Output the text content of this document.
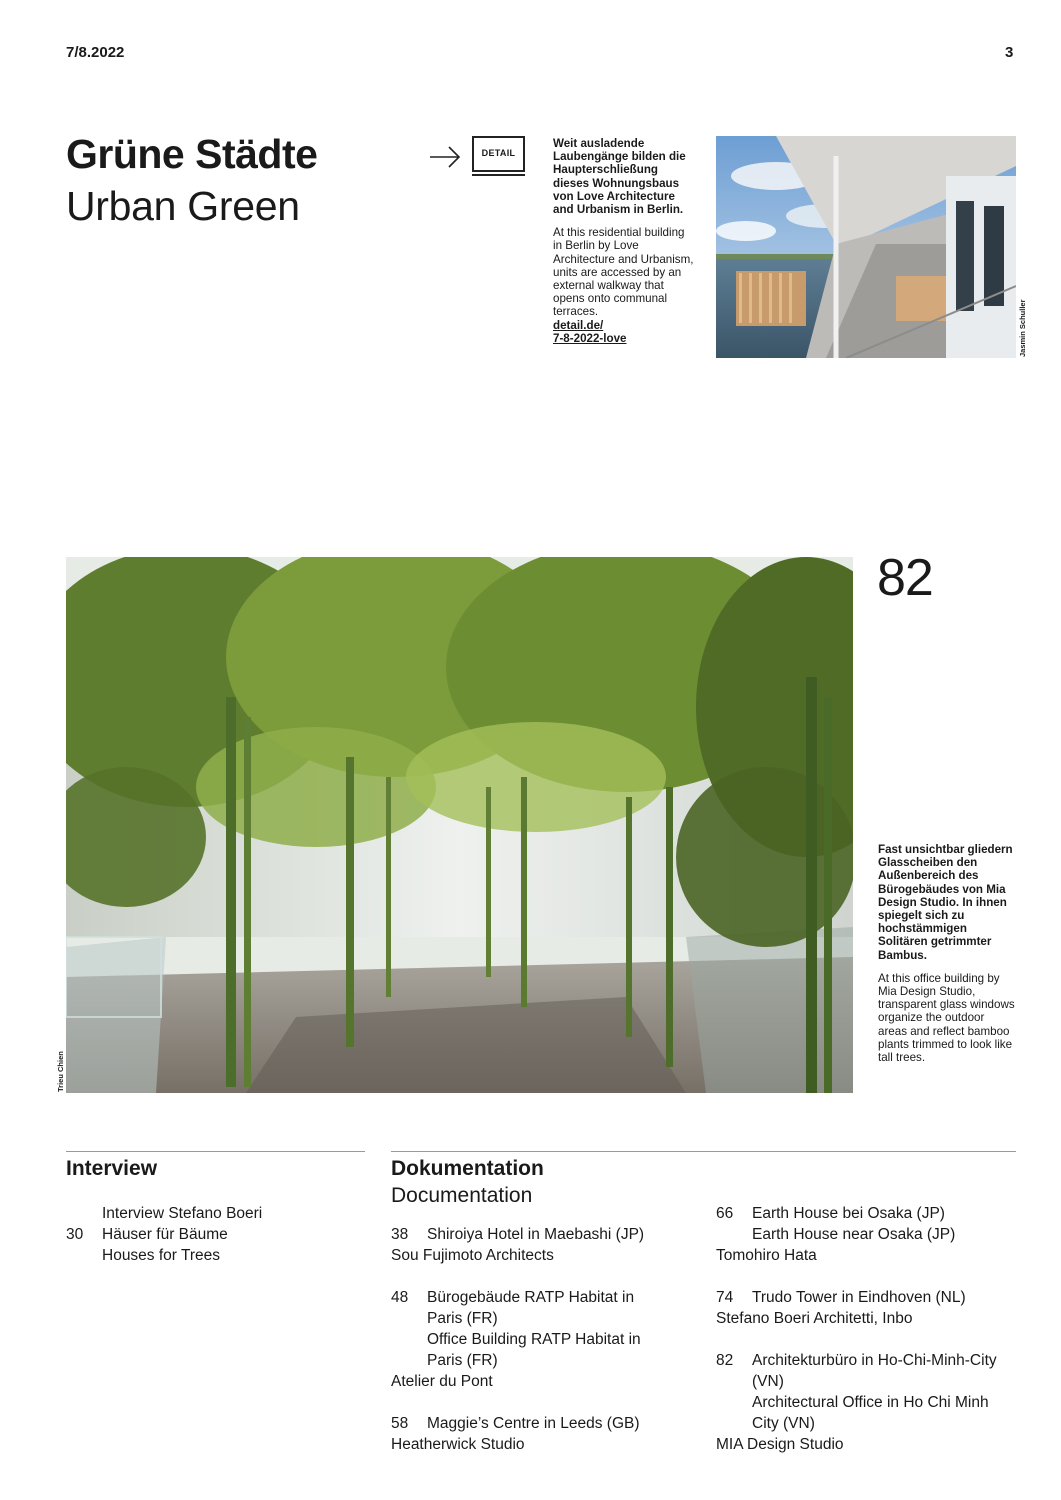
7/8.2022	3
Grüne Städte
Urban Green
DETAIL

Weit ausladende Laubengänge bilden die Haupterschließung dieses Wohnungsbaus von Love Architecture and Urbanism in Berlin.

At this residential building in Berlin by Love Architecture and Urbanism, units are accessed by an external walkway that opens onto communal terraces.

detail.de/
7-8-2022-love	Jasmin Schuller
Trieu Chien
82

Fast unsichtbar gliedern Glasscheiben den Außenbereich des Bürogebäudes von Mia Design Studio. In ihnen spiegelt sich zu hochstämmigen Solitären getrimmter Bambus.

At this office building by Mia Design Studio, transparent glass windows organize the outdoor areas and reflect bamboo plants trimmed to look like tall trees.

Interview
Interview Stefano Boeri
30	Häuser für Bäume
Houses for Trees
Dokumentation
Documentation
38	Shiroiya Hotel in Maebashi (JP)
Sou Fujimoto Architects
48	Bürogebäude RATP Habitat in
Paris (FR)
Office Building RATP Habitat in
Paris (FR)
Atelier du Pont
58	Maggie’s Centre in Leeds (GB)
Heatherwick Studio
66	Earth House bei Osaka (JP)
Earth House near Osaka (JP)
Tomohiro Hata
74	Trudo Tower in Eindhoven (NL)
Stefano Boeri Architetti, Inbo
82	Architekturbüro in Ho-Chi-Minh-City
(VN)
Architectural Office in Ho Chi Minh
City (VN)
MIA Design Studio
